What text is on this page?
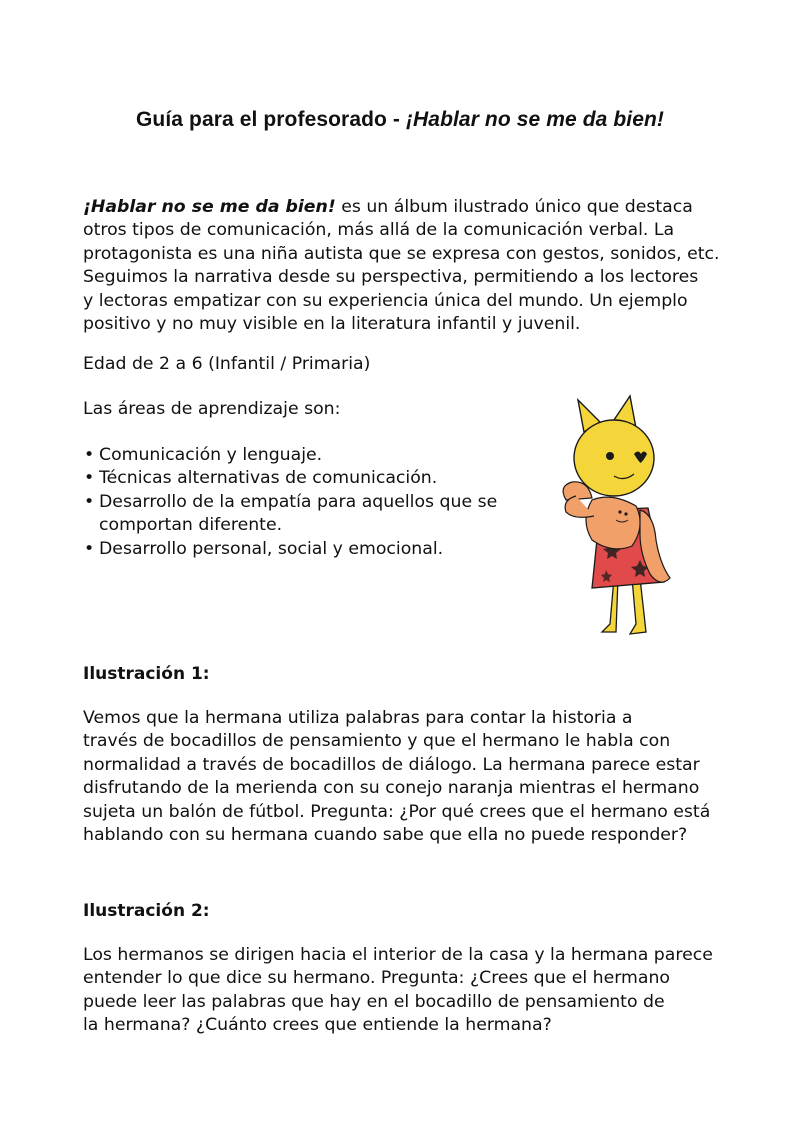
Guía para el profesorado - ¡Hablar no se me da bien!
¡Hablar no se me da bien! es un álbum ilustrado único que destaca
otros tipos de comunicación, más allá de la comunicación verbal. La
protagonista es una niña autista que se expresa con gestos, sonidos, etc.
Seguimos la narrativa desde su perspectiva, permitiendo a los lectores
y lectoras empatizar con su experiencia única del mundo. Un ejemplo
positivo y no muy visible en la literatura infantil y juvenil.
Edad de 2 a 6 (Infantil / Primaria)
Las áreas de aprendizaje son:
• Comunicación y lenguaje.
• Técnicas alternativas de comunicación.
• Desarrollo de la empatía para aquellos que se comportan diferente.
• Desarrollo personal, social y emocional.
Ilustración 1:
Vemos que la hermana utiliza palabras para contar la historia a
través de bocadillos de pensamiento y que el hermano le habla con
normalidad a través de bocadillos de diálogo. La hermana parece estar
disfrutando de la merienda con su conejo naranja mientras el hermano
sujeta un balón de fútbol. Pregunta: ¿Por qué crees que el hermano está
hablando con su hermana cuando sabe que ella no puede responder?
Ilustración 2:
Los hermanos se dirigen hacia el interior de la casa y la hermana parece
entender lo que dice su hermano. Pregunta: ¿Crees que el hermano
puede leer las palabras que hay en el bocadillo de pensamiento de
la hermana? ¿Cuánto crees que entiende la hermana?
